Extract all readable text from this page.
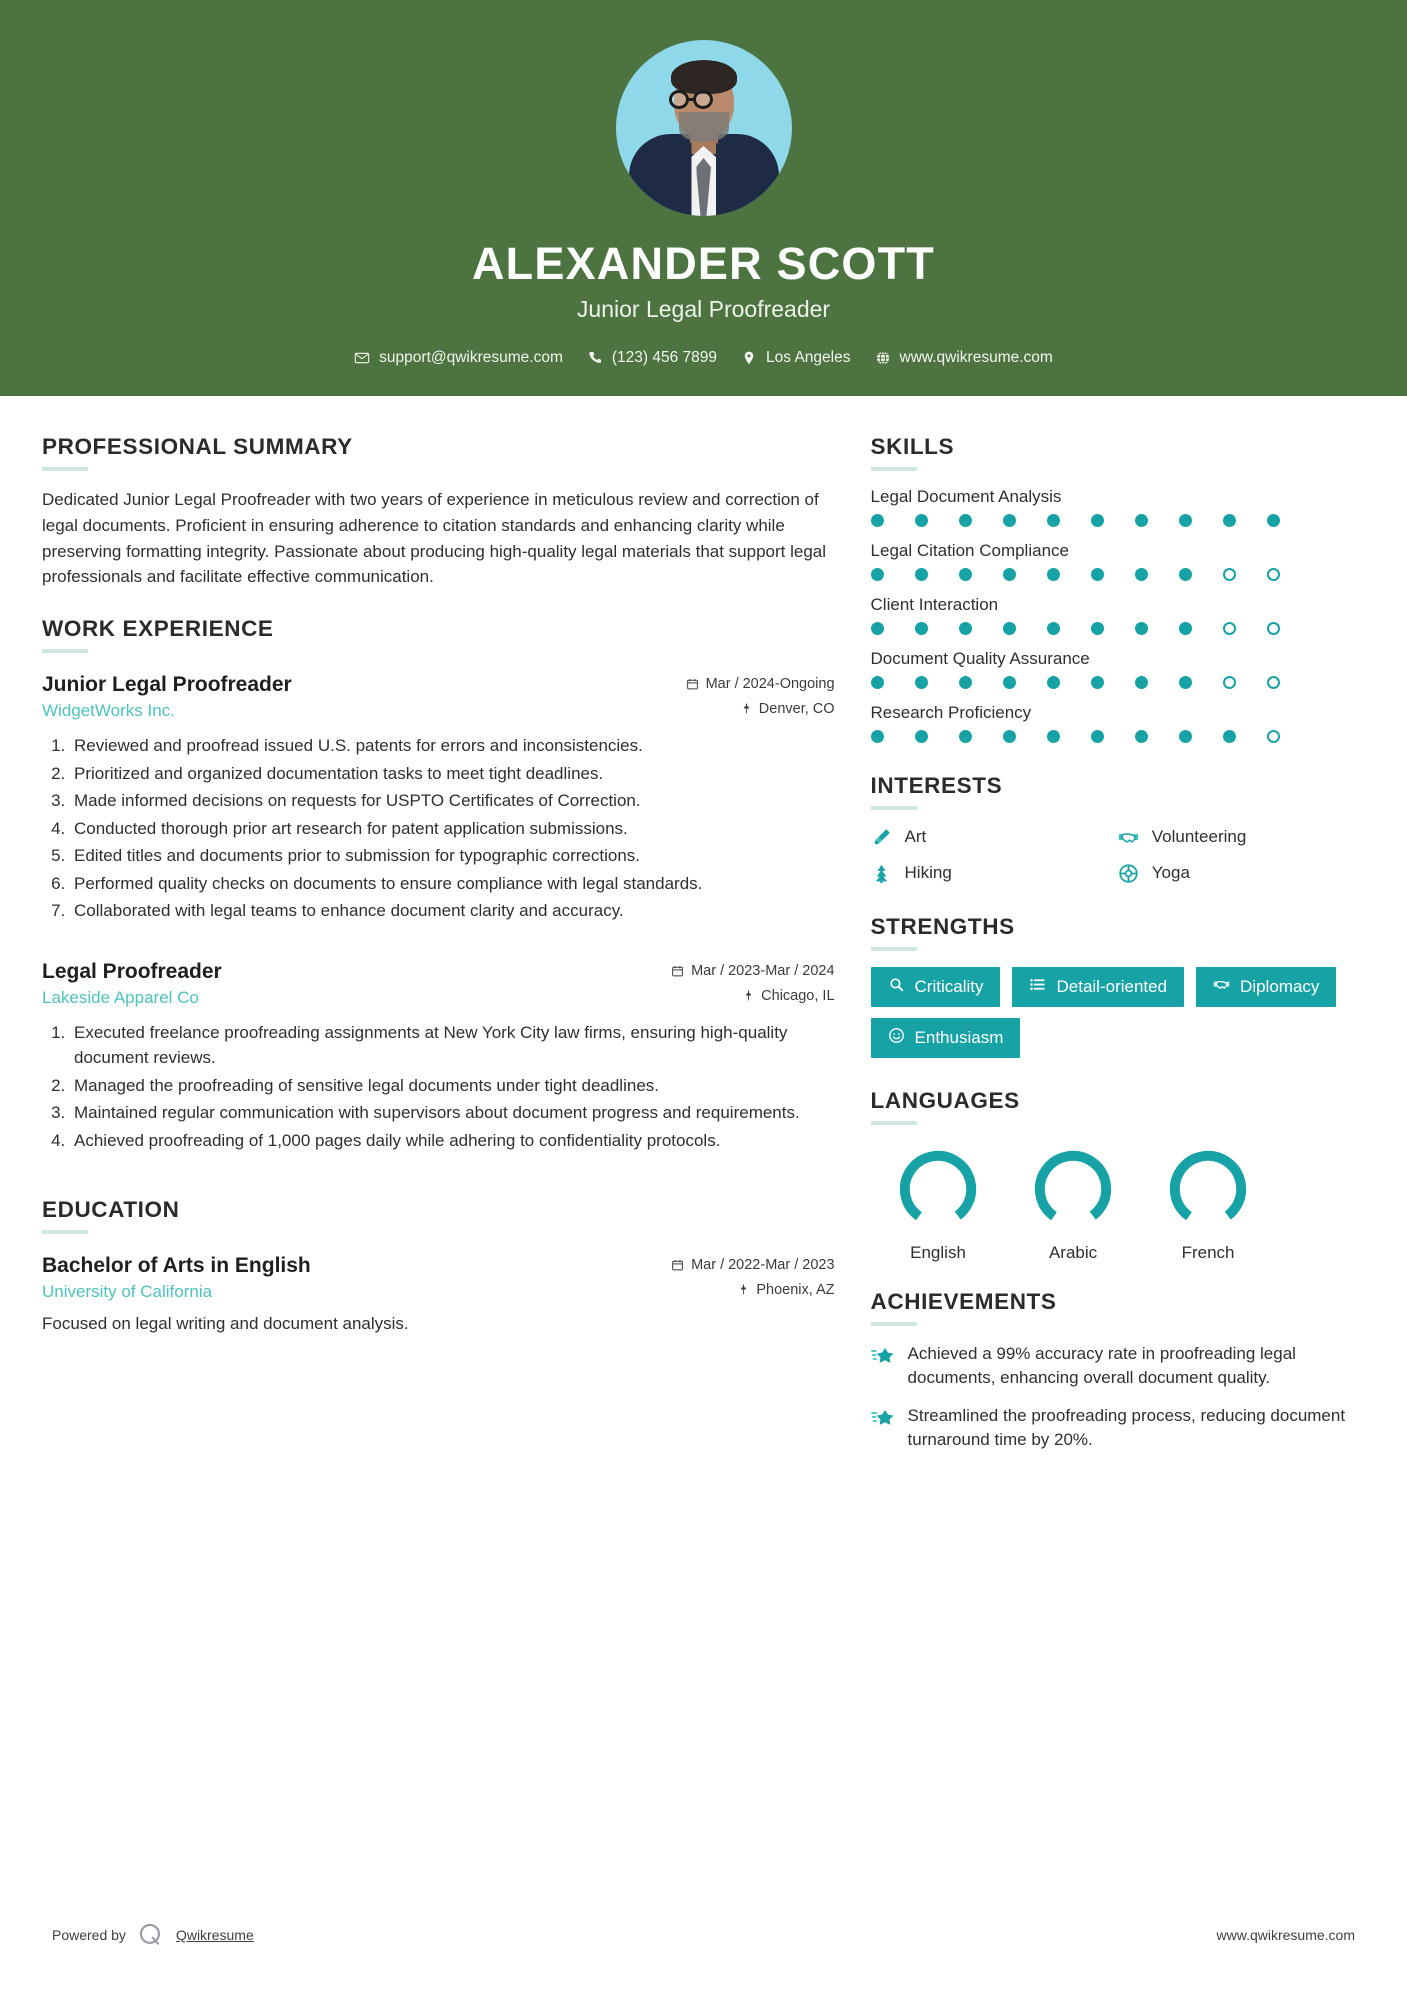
ALEXANDER SCOTT
Junior Legal Proofreader
support@qwikresume.com	(123) 456 7899	Los Angeles	www.qwikresume.com
PROFESSIONAL SUMMARY
Dedicated Junior Legal Proofreader with two years of experience in meticulous review and correction of legal documents. Proficient in ensuring adherence to citation standards and enhancing clarity while preserving formatting integrity. Passionate about producing high-quality legal materials that support legal professionals and facilitate effective communication.
WORK EXPERIENCE
Junior Legal Proofreader	Mar / 2024-Ongoing
WidgetWorks Inc.	Denver, CO
1. Reviewed and proofread issued U.S. patents for errors and inconsistencies.
2. Prioritized and organized documentation tasks to meet tight deadlines.
3. Made informed decisions on requests for USPTO Certificates of Correction.
4. Conducted thorough prior art research for patent application submissions.
5. Edited titles and documents prior to submission for typographic corrections.
6. Performed quality checks on documents to ensure compliance with legal standards.
7. Collaborated with legal teams to enhance document clarity and accuracy.
Legal Proofreader	Mar / 2023-Mar / 2024
Lakeside Apparel Co	Chicago, IL
1. Executed freelance proofreading assignments at New York City law firms, ensuring high-quality document reviews.
2. Managed the proofreading of sensitive legal documents under tight deadlines.
3. Maintained regular communication with supervisors about document progress and requirements.
4. Achieved proofreading of 1,000 pages daily while adhering to confidentiality protocols.
EDUCATION
Bachelor of Arts in English	Mar / 2022-Mar / 2023
University of California	Phoenix, AZ
Focused on legal writing and document analysis.
SKILLS
Legal Document Analysis
Legal Citation Compliance
Client Interaction
Document Quality Assurance
Research Proficiency
INTERESTS
Art	Volunteering
Hiking	Yoga
STRENGTHS
Criticality	Detail-oriented	Diplomacy
Enthusiasm
LANGUAGES
English	Arabic	French
ACHIEVEMENTS
Achieved a 99% accuracy rate in proofreading legal documents, enhancing overall document quality.
Streamlined the proofreading process, reducing document turnaround time by 20%.
Powered by	Qwikresume	www.qwikresume.com
